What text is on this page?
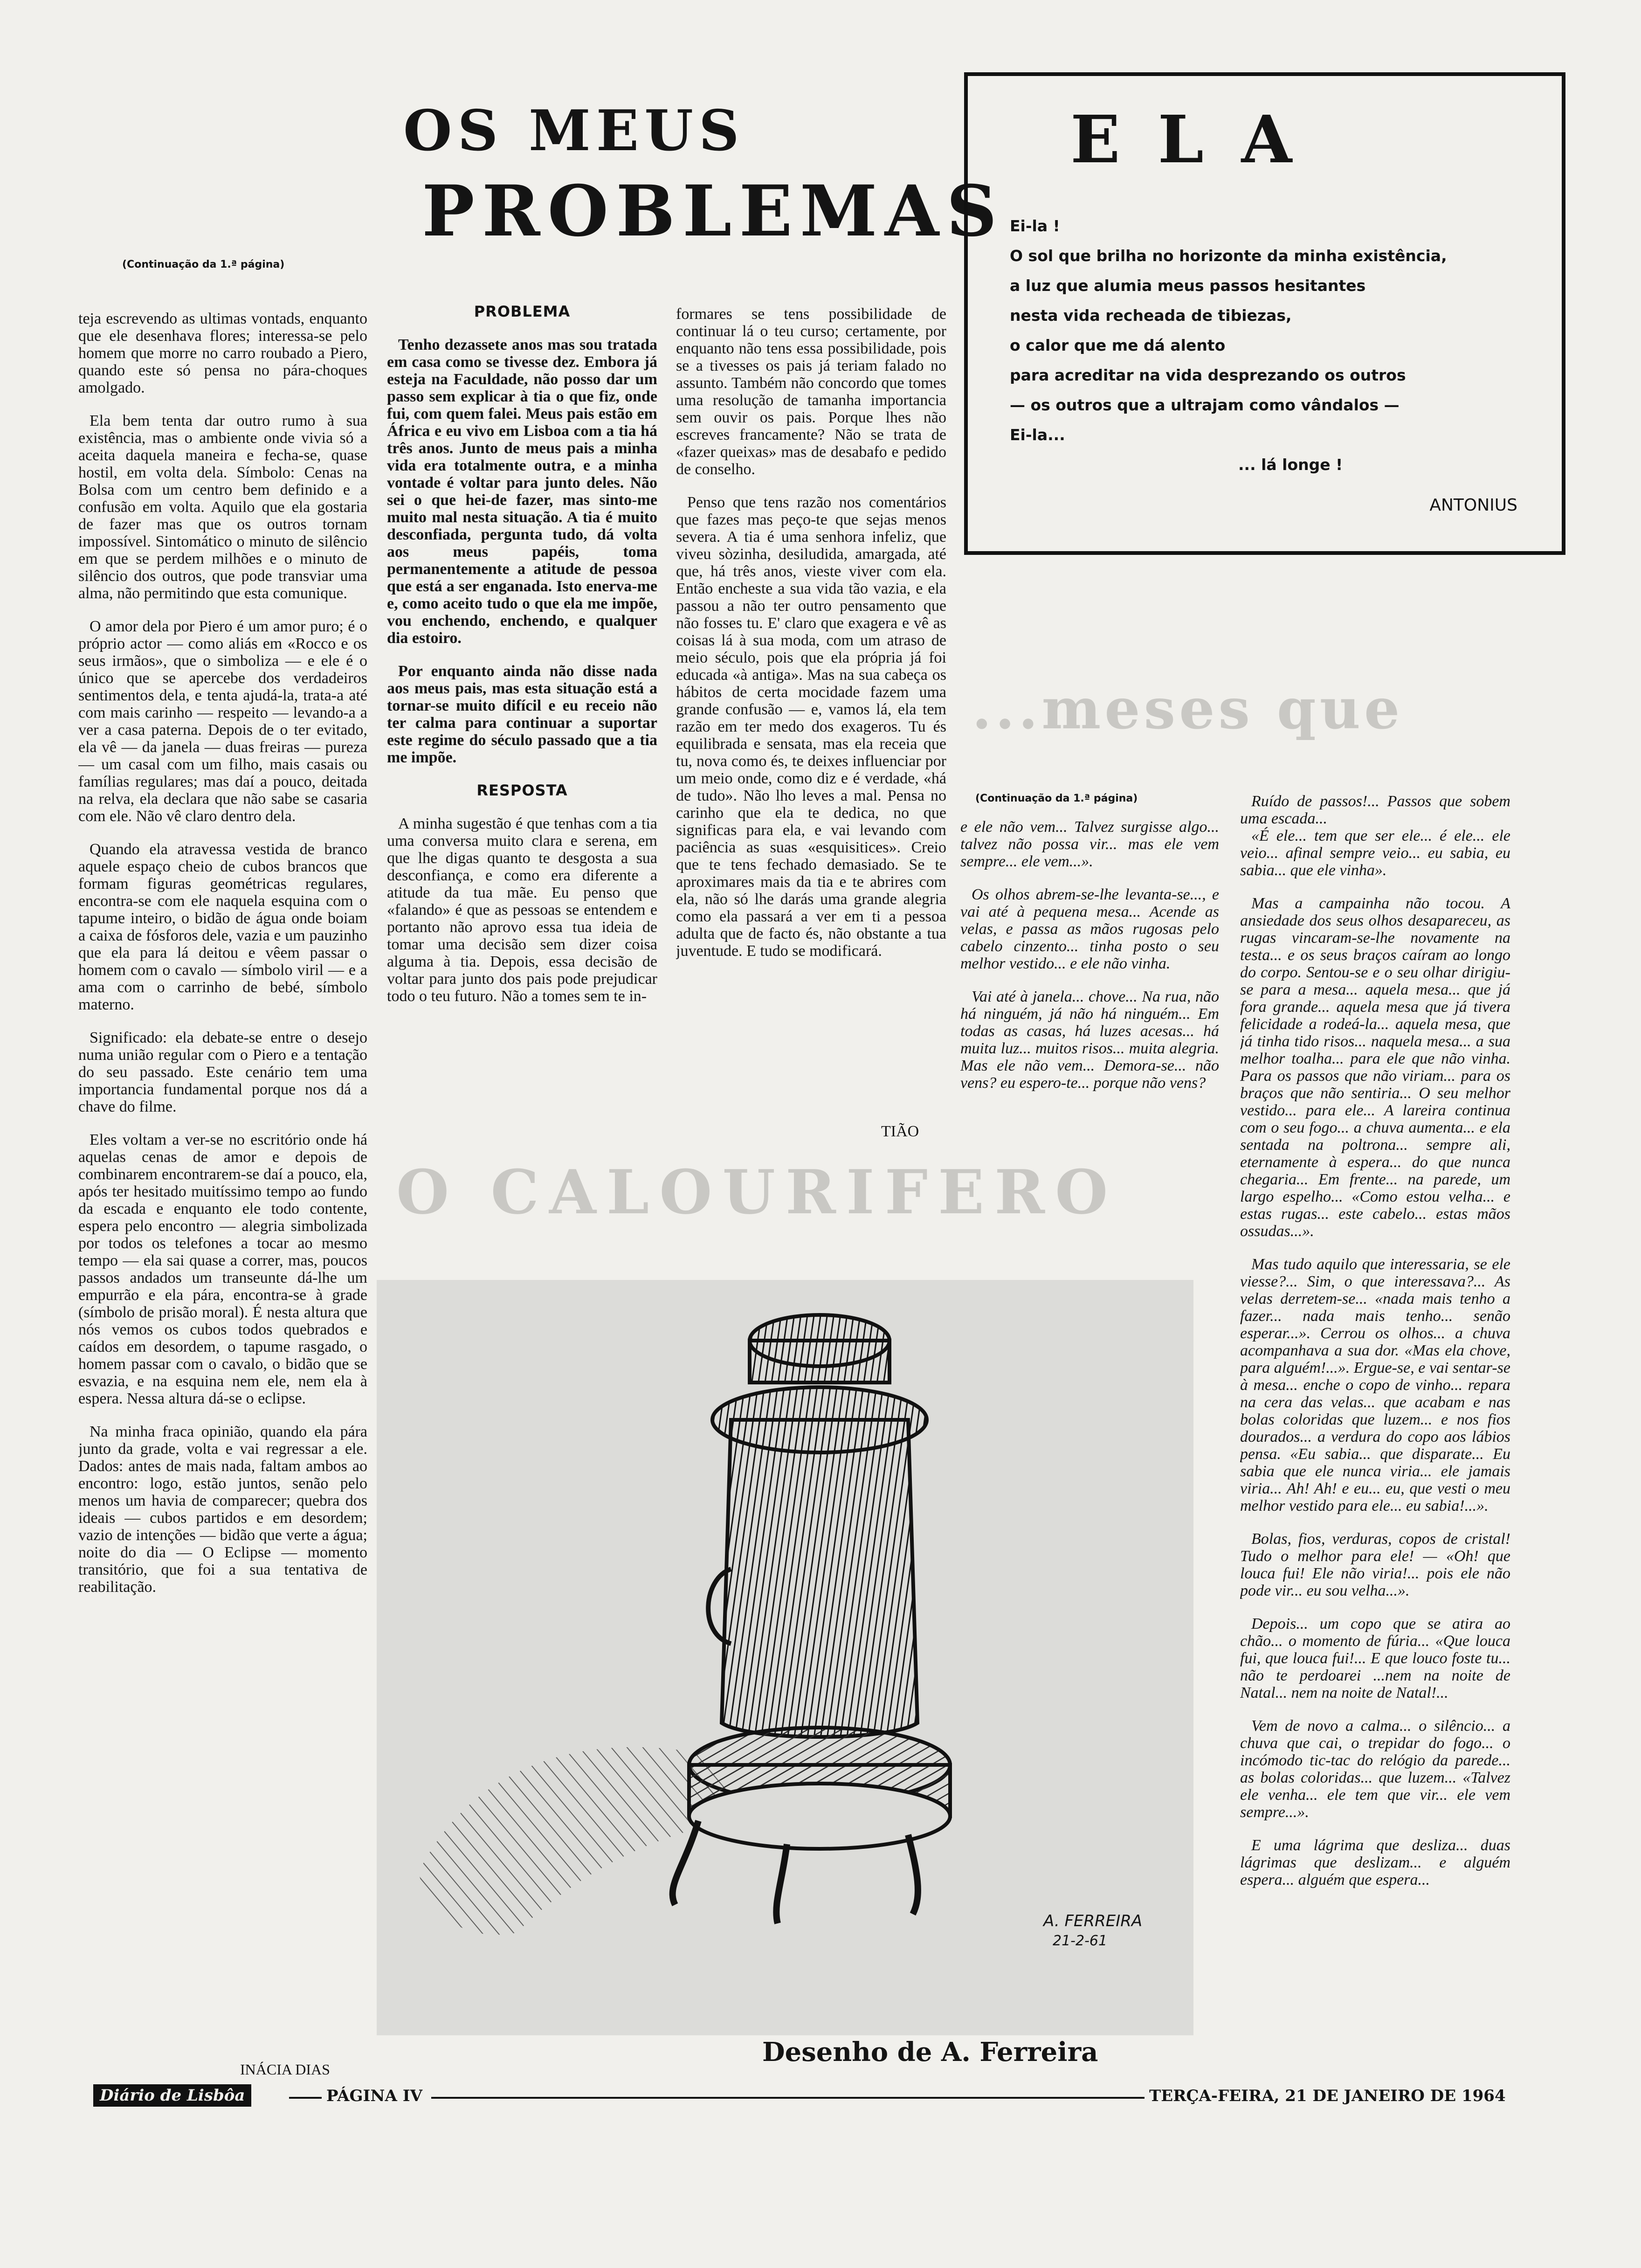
OS MEUS
PROBLEMAS
(Continuação da 1.ª página)
E L A
Ei-la !
O sol que brilha no horizonte da minha existência,
a luz que alumia meus passos hesitantes
nesta vida recheada de tibiezas,
o calor que me dá alento
para acreditar na vida desprezando os outros
— os outros que a ultrajam como vândalos —
Ei-la...
... lá longe !
ANTONIUS

teja escrevendo as ultimas vontads, enquanto que ele desenhava flores; interessa-se pelo homem que morre no carro roubado a Piero, quando este só pensa no pára-choques amolgado.

Ela bem tenta dar outro rumo à sua existência, mas o ambiente onde vivia só a aceita daquela maneira e fecha-se, quase hostil, em volta dela. Símbolo: Cenas na Bolsa com um centro bem definido e a confusão em volta. Aquilo que ela gostaria de fazer mas que os outros tornam impossível. Sintomático o minuto de silêncio em que se perdem milhões e o minuto de silêncio dos outros, que pode transviar uma alma, não permitindo que esta comunique.

O amor dela por Piero é um amor puro; é o próprio actor — como aliás em «Rocco e os seus irmãos», que o simboliza — e ele é o único que se apercebe dos verdadeiros sentimentos dela, e tenta ajudá-la, trata-a até com mais carinho — respeito — levando-a a ver a casa paterna. Depois de o ter evitado, ela vê — da janela — duas freiras — pureza — um casal com um filho, mais casais ou famílias regulares; mas daí a pouco, deitada na relva, ela declara que não sabe se casaria com ele. Não vê claro dentro dela.

Quando ela atravessa vestida de branco aquele espaço cheio de cubos brancos que formam figuras geométricas regulares, encontra-se com ele naquela esquina com o tapume inteiro, o bidão de água onde boiam a caixa de fósforos dele, vazia e um pauzinho que ela para lá deitou e vêem passar o homem com o cavalo — símbolo viril — e a ama com o carrinho de bebé, símbolo materno.

Significado: ela debate-se entre o desejo numa união regular com o Piero e a tentação do seu passado. Este cenário tem uma importancia fundamental porque nos dá a chave do filme.

Eles voltam a ver-se no escritório onde há aquelas cenas de amor e depois de combinarem encontrarem-se daí a pouco, ela, após ter hesitado muitíssimo tempo ao fundo da escada e enquanto ele todo contente, espera pelo encontro — alegria simbolizada por todos os telefones a tocar ao mesmo tempo — ela sai quase a correr, mas, poucos passos andados um transeunte dá-lhe um empurrão e ela pára, encontra-se à grade (símbolo de prisão moral). É nesta altura que nós vemos os cubos todos quebrados e caídos em desordem, o tapume rasgado, o homem passar com o cavalo, o bidão que se esvazia, e na esquina nem ele, nem ela à espera. Nessa altura dá-se o eclipse.

Na minha fraca opinião, quando ela pára junto da grade, volta e vai regressar a ele. Dados: antes de mais nada, faltam ambos ao encontro: logo, estão juntos, senão pelo menos um havia de comparecer; quebra dos ideais — cubos partidos e em desordem; vazio de intenções — bidão que verte a água; noite do dia — O Eclipse — momento transitório, que foi a sua tentativa de reabilitação.

INÁCIA DIAS

PROBLEMA

Tenho dezassete anos mas sou tratada em casa como se tivesse dez. Embora já esteja na Faculdade, não posso dar um passo sem explicar à tia o que fiz, onde fui, com quem falei. Meus pais estão em África e eu vivo em Lisboa com a tia há três anos. Junto de meus pais a minha vida era totalmente outra, e a minha vontade é voltar para junto deles. Não sei o que hei-de fazer, mas sinto-me muito mal nesta situação. A tia é muito desconfiada, pergunta tudo, dá volta aos meus papéis, toma permanentemente a atitude de pessoa que está a ser enganada. Isto enerva-me e, como aceito tudo o que ela me impõe, vou enchendo, enchendo, e qualquer dia estoiro.

Por enquanto ainda não disse nada aos meus pais, mas esta situação está a tornar-se muito difícil e eu receio não ter calma para continuar a suportar este regime do século passado que a tia me impõe.

RESPOSTA

A minha sugestão é que tenhas com a tia uma conversa muito clara e serena, em que lhe digas quanto te desgosta a sua desconfiança, e como era diferente a atitude da tua mãe. Eu penso que «falando» é que as pessoas se entendem e portanto não aprovo essa tua ideia de tomar uma decisão sem dizer coisa alguma à tia. Depois, essa decisão de voltar para junto dos pais pode prejudicar todo o teu futuro. Não a tomes sem te in-

formares se tens possibilidade de continuar lá o teu curso; certamente, por enquanto não tens essa possibilidade, pois se a tivesses os pais já teriam falado no assunto. Também não concordo que tomes uma resolução de tamanha importancia sem ouvir os pais. Porque lhes não escreves francamente? Não se trata de «fazer queixas» mas de desabafo e pedido de conselho.

Penso que tens razão nos comentários que fazes mas peço-te que sejas menos severa. A tia é uma senhora infeliz, que viveu sòzinha, desiludida, amargada, até que, há três anos, vieste viver com ela. Então encheste a sua vida tão vazia, e ela passou a não ter outro pensamento que não fosses tu. E' claro que exagera e vê as coisas lá à sua moda, com um atraso de meio século, pois que ela própria já foi educada «à antiga». Mas na sua cabeça os hábitos de certa mocidade fazem uma grande confusão — e, vamos lá, ela tem razão em ter medo dos exageros. Tu és equilibrada e sensata, mas ela receia que tu, nova como és, te deixes influenciar por um meio onde, como diz e é verdade, «há de tudo». Não lho leves a mal. Pensa no carinho que ela te dedica, no que significas para ela, e vai levando com paciência as suas «esquisitices». Creio que te tens fechado demasiado. Se te aproximares mais da tia e te abrires com ela, não só lhe darás uma grande alegria como ela passará a ver em ti a pessoa adulta que de facto és, não obstante a tua juventude. E tudo se modificará.

TIÃO
...meses que
(Continuação da 1.ª página)

e ele não vem... Talvez surgisse algo... talvez não possa vir... mas ele vem sempre... ele vem...».

Os olhos abrem-se-lhe levanta-se..., e vai até à pequena mesa... Acende as velas, e passa as mãos rugosas pelo cabelo cinzento... tinha posto o seu melhor vestido... e ele não vinha.

Vai até à janela... chove... Na rua, não há ninguém, já não há ninguém... Em todas as casas, há luzes acesas... há muita luz... muitos risos... muita alegria. Mas ele não vem... Demora-se... não vens? eu espero-te... porque não vens?

Ruído de passos!... Passos que sobem uma escada...

«É ele... tem que ser ele... é ele... ele veio... afinal sempre veio... eu sabia, eu sabia... que ele vinha».

Mas a campainha não tocou. A ansiedade dos seus olhos desapareceu, as rugas vincaram-se-lhe novamente na testa... e os seus braços caíram ao longo do corpo. Sentou-se e o seu olhar dirigiu-se para a mesa... aquela mesa... que já fora grande... aquela mesa que já tivera felicidade a rodeá-la... aquela mesa, que já tinha tido risos... naquela mesa... a sua melhor toalha... para ele que não vinha. Para os passos que não viriam... para os braços que não sentiria... O seu melhor vestido... para ele... A lareira continua com o seu fogo... a chuva aumenta... e ela sentada na poltrona... sempre ali, eternamente à espera... do que nunca chegaria... Em frente... na parede, um largo espelho... «Como estou velha... e estas rugas... este cabelo... estas mãos ossudas...».

Mas tudo aquilo que interessaria, se ele viesse?... Sim, o que interessava?... As velas derretem-se... «nada mais tenho a fazer... nada mais tenho... senão esperar...». Cerrou os olhos... a chuva acompanhava a sua dor. «Mas ela chove, para alguém!...». Ergue-se, e vai sentar-se à mesa... enche o copo de vinho... repara na cera das velas... que acabam e nas bolas coloridas que luzem... e nos fios dourados... a verdura do copo aos lábios pensa. «Eu sabia... que disparate... Eu sabia que ele nunca viria... ele jamais viria... Ah! Ah! e eu... eu, que vesti o meu melhor vestido para ele... eu sabia!...».

Bolas, fios, verduras, copos de cristal! Tudo o melhor para ele! — «Oh! que louca fui! Ele não viria!... pois ele não pode vir... eu sou velha...».

Depois... um copo que se atira ao chão... o momento de fúria... «Que louca fui, que louca fui!... E que louco foste tu... não te perdoarei ...nem na noite de Natal... nem na noite de Natal!...

Vem de novo a calma... o silêncio... a chuva que cai, o trepidar do fogo... o incómodo tic-tac do relógio da parede... as bolas coloridas... que luzem... «Talvez ele venha... ele tem que vir... ele vem sempre...».

E uma lágrima que desliza... duas lágrimas que deslizam... e alguém espera... alguém que espera...

O CALOURIFERO
A. FERREIRA
21-2-61
Desenho de A. Ferreira
Diário de Lisbôa	PÁGINA IV	TERÇA-FEIRA, 21 DE JANEIRO DE 1964
